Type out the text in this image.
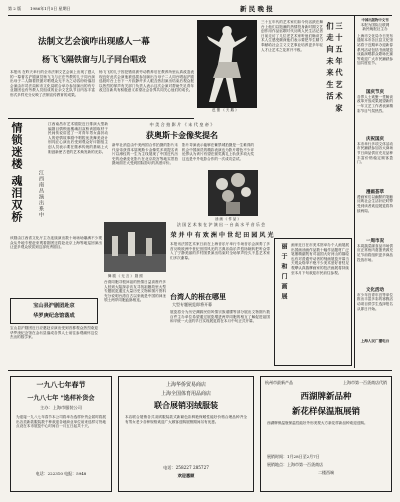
第 2 版 1986年1月5日 星期日	新 民 晚 报
中国出版物中文刊
本报为国际互联网
新民晚报社主办
上海市文化局今日发布通知本市各区县文化馆站将于近期举办迎新春系列活动包括书画展览戏曲演唱群众歌咏比赛等欢迎广大市民踊跃参加共度佳节。
国庆节庆
各界人士欢聚一堂畅谈改革开放成果展望新的一年文艺工作者表演精彩节目气氛热烈。
庆祝国庆
本市举行多项文体活动市民踊跃参加各大商场节日商品供应充足品种丰富价格稳定顾客盈门。
漫画荟萃
漫画家们以幽默的笔触反映社会生活针砭时弊受到读者欢迎展览将持续两周。
一周市况
本周蔬菜副食品市场供应正常鱼肉禽蛋货源充足节前将组织更多商品投放市场。
文化活动
市少年宫青年宫等单位推出丰富多彩的寒假活动项目供学生选择报名从即日开始。
上海人民广播电台
法制文艺会演咋出现感人一幕
杨飞飞隔铁窗与儿子同台唱戏
本报讯 在昨天举行的全市法制文艺会演上出现了感人的一幕著名沪剧演员杨飞飞与正在劳教的儿子同台演出母子二人隔着铁窗对唱观众无不为之动容纷纷落泪会演由市司法局和市文化局联合举办参加演出的有专业剧团也有劳教人员组成的业余文艺队节目内容丰富形式多样充分反映了法制宣传教育的成果。
杨飞飞的儿子因犯错误被劳动教养后在教养所里认真改造表现良好此次会演他被选拔参加演出当母子二人同台唱起沪剧选段时台上台下一片寂静许多人眼含热泪演出结束后观众报以热烈的掌声有关部门负责人表示这次会演对帮助失足青年改过自新具有积极意义希望社会各界共同关心他们的成长。
芭 蕾 《 天 鹅 》	三 十 五 年 代 艺 术 家 们 走 向 未 来 生 活
三十五年代的艺术家们如今仍活跃在舞台上他们以饱满的热情投身新时期文艺创作用作品讴歌时代反映人民生活记者日前走访了几位老艺术家听他们畅谈艺术人生感受颇深他们表示要把毕生精力奉献给社会主义文艺事业培养更多年轻人才让艺术之花常开不败。
情锁迷楼 魂泪双桥	江西南昌演出系中
江西南昌市艺术剧院近日排演大型新编剧目情锁迷楼魂泪双桥该剧取材于民间传说讲述了一对青年男女曲折动人的爱情故事剧中唱腔优美舞美设计别具匠心演出后受到观众好评剧组主创人员表示要在继承传统的基础上大胆创新使古老的艺术焕发新的光彩。
中 美 合 拍 影 片 《 末 代 皇 帝 》
获奥斯卡金像奖提名
新华社消息由中美两国合作拍摄的影片末代皇帝获得本届奥斯卡金像奖多项提名该片以溥仪的一生为主线展现了中国近代历史的沧桑变化影片在北京故宫等地实景拍摄场面宏大受到国际影坛的高度评价。
影片导演表示能够在紫禁城拍摄是一生难得的机会中国演员的精彩表演也为影片增色不少评论界认为该片有望在颁奖典礼上斩获多项大奖这也是中外电影合作的一次成功尝试。
油 画 《 作 品 》
舞 剧 《 无 言 》 剧 照
该剧由江西省文化厅主办连续演出数十场场场爆满不少观众从外地专程赶来观看剧团还将赴北京上海等地巡回演出让更多观众欣赏到这部优秀剧目。
宝山县沪剧团赴京
华罗庚纪念馆落成
宝山县沪剧团近日应邀赴京演出受到首都观众热烈欢迎华罗庚纪念馆在金坛县落成各界人士前往参观缅怀这位杰出的数学家。
法 国 艺 术 家 在 沪 演 出 一 台 高 水 平 音 乐 会
荣 并 中 有 欢 洲 中 世 纪 田 园 风 光
本报讯法国艺术家日前在上海音乐厅举行专场音乐会演奏了多首反映欧洲中世纪田园风光的古典乐曲乐声悠扬婉转把听众带入了宁静美丽的乡村图景演出结束时全场掌声经久不息艺术家们多次谢幕。
台湾人的根在哪里
大型专题展览即将开幕
台湾同胞寻根问祖的热情日益高涨许多人回到大陆探亲访友寻找祖籍故里大型专题展览通过大量历史文物和图片资料充分说明台湾自古以来就是中国的神圣领土两岸同胞血脉相连。
展览将分为历史渊源民俗风情宗族谱牒等部分展出文物图片数百件主办单位希望通过展览增进两岸同胞的相互了解促进祖国和平统一大业的早日实现展览将在本月中旬正式开幕。
丽 于 和 门 画 展 画家近日在市美术馆举办个人画展展出国画油画作品数十幅作品题材广泛笔墨精湛既有对祖国大好河山的描绘也有对普通劳动者的刻画展览开幕当天观众络绎不绝不少美术爱好者驻足观摩认真揣摩画家的技法画展将持续至本月下旬欢迎市民前往参观。
一九八七年春节
一九八七年 "选样补货会
主办：上海市服装公司
为迎接一九八七年春节本公司将举办选样补货会届时将展出各类新款服装数千种欢迎各地商业单位前来选样订货地点设在本市展览中心时间自一月五日起共十天。
电话：222310 电报：5948
上海华侨贸易商店
上海全国体育用品商店
联合展销羽绒服装
本店联合展销各式羽绒服装款式新颖色彩鲜艳保暖性能好价格合理品种齐全有男女老少各种规格欢迎广大顾客选购展销期间另有优惠。
电话：258227 285727
欢迎惠顾
杭州市最新产品	上海市第一百货商店代销
西湖牌新品种
新花样保温瓶展销
西湖牌保温瓶保温性能好外形美观大方新花样新品种欢迎选购。
展销时间：1月28日至2月7日
展销地点：上海市第一百货商店
二楼西端
